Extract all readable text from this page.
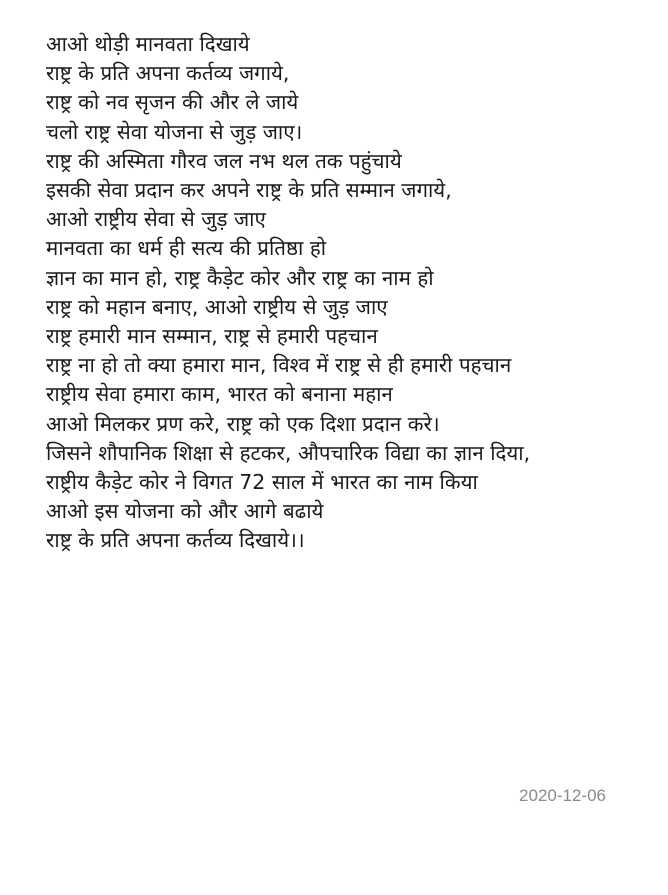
आओ थोड़ी मानवता दिखाये
राष्ट्र के प्रति अपना कर्तव्य जगाये,
राष्ट्र को नव सृजन की और ले जाये
चलो राष्ट्र सेवा योजना से जुड़ जाए।
राष्ट्र की अस्मिता गौरव जल नभ थल तक पहुंचाये
इसकी सेवा प्रदान कर अपने राष्ट्र के प्रति सम्मान जगाये,
आओ राष्ट्रीय सेवा से जुड़ जाए
मानवता का धर्म ही सत्य की प्रतिष्ठा हो
ज्ञान का मान हो, राष्ट्र कैड़ेट कोर और राष्ट्र का नाम हो
राष्ट्र को महान बनाए, आओ राष्ट्रीय से जुड़ जाए
राष्ट्र हमारी मान सम्मान, राष्ट्र से हमारी पहचान
राष्ट्र ना हो तो क्या हमारा मान, विश्व में राष्ट्र से ही हमारी पहचान
राष्ट्रीय सेवा हमारा काम, भारत को बनाना महान
आओ मिलकर प्रण करे, राष्ट्र को एक दिशा प्रदान करे।
जिसने शौपानिक शिक्षा से हटकर, औपचारिक विद्या का ज्ञान दिया,
राष्ट्रीय कैड़ेट कोर ने विगत 72 साल में भारत का नाम किया
आओ इस योजना को और आगे बढाये
राष्ट्र के प्रति अपना कर्तव्य दिखाये।।
2020-12-06
